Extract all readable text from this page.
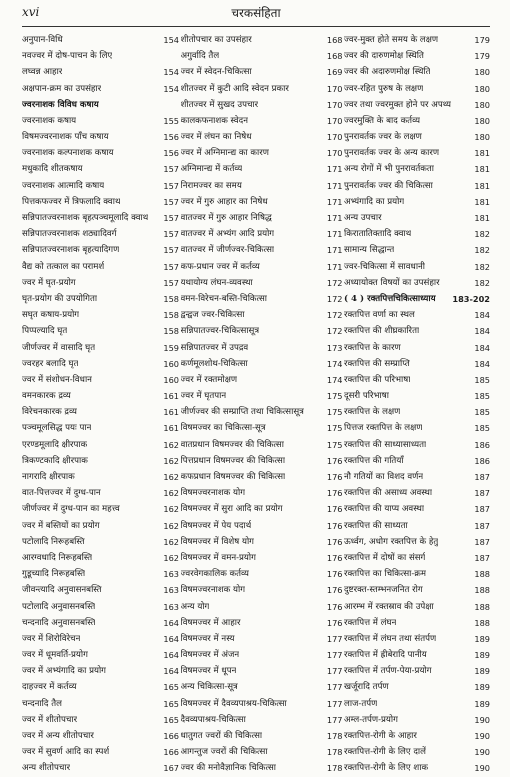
xvi	चरकसंहिता
अनुपान-विधि	154
नवज्वर में दोष-पाचन के लिए
लघ्वन्न आहार	154
अक्षपान-क्रम का उपसंहार	154
ज्वरनाशक विविध कषाय
ज्वरनाशक कषाय	155
विषमज्वरनाशक पाँच कषाय	156
ज्वरनाशक कल्पनाशक कषाय	156
मधुकादि शीतकषाय	157
ज्वरनाशक आत्मादि कषाय	157
पित्तकफज्वर में त्रिफलादि क्वाथ	157
सन्निपातज्वरनाशक बृहत्पञ्चमूलादि क्वाथ	157
सन्निपातज्वरनाशक शठ्यादिवर्ग	157
सन्निपातज्वरनाशक बृहत्यादिगण	157
वैद्य को तत्काल का परामर्श	157
ज्वर में घृत-प्रयोग	157
घृत-प्रयोग की उपयोगिता	158
सघृत कषाय-प्रयोग	158
पिप्पल्यादि घृत	158
जीर्णज्वर में वासादि घृत	159
ज्वरहर बलादि घृत	160
ज्वर में संशोधन-विधान	160
वमनकारक द्रव्य	161
विरेचनकारक द्रव्य	161
पञ्चमूलसिद्ध पयः पान	161
एरण्डमूलादि क्षीरपाक	162
त्रिकण्टकादि क्षीरपाक	162
नागरादि क्षीरपाक	162
वात-पित्तज्वर में दुग्ध-पान	162
जीर्णज्वर में दुग्ध-पान का महत्त्व	162
ज्वर में बस्तियों का प्रयोग	162
पटोलादि निरूहबस्ति	162
आरग्वधादि निरूहबस्ति	162
गुडूच्यादि निरूहबस्ति	163
जीवन्त्यादि अनुवासनबस्ति	163
पटोलादि अनुवासनबस्ति	163
चन्दनादि अनुवासनबस्ति	164
ज्वर में शिरोविरेचन	164
ज्वर में धूमवर्ति-प्रयोग	164
ज्वर में अभ्यंगादि का प्रयोग	164
दाहज्वर में कर्तव्य	165
चन्दनादि तैल	165
ज्वर में शीतोपचार	165
ज्वर में अन्य शीतोपचार	166
ज्वर में सुवर्ण आदि का स्पर्श	166
अन्य शीतोपचार	167
शीतोपचार का उपसंहार	168
अगुर्वादि तैल	168
ज्वर में स्वेदन-चिकित्सा	169
शीतज्वर में कुटी आदि स्वेदन प्रकार	170
शीतज्वर में सुखद उपचार	170
कालकफनाशक स्वेदन	170
ज्वर में लंघन का निषेध	170
ज्वर में अग्निमान्द्य का कारण	170
अग्निमान्द्य में कर्तव्य	171
निरामज्वर का समय	171
ज्वर में गुरु आहार का निषेध	171
वातज्वर में गुरु आहार निषिद्ध	171
वातज्वर में अभ्यंग आदि प्रयोग	171
वातज्वर में जीर्णज्वर-चिकित्सा	171
कफ-प्रधान ज्वर में कर्तव्य	171
यथायोग्य लंघन-व्यवस्था	172
वमन-विरेचन-बस्ति-चिकित्सा	172
द्वन्द्वज ज्वर-चिकित्सा	172
सन्निपातज्वर-चिकित्सासूत्र	172
सन्निपातज्वर में उपद्रव	173
कर्णमूलशोथ-चिकित्सा	174
ज्वर में रक्तमोक्षण	174
ज्वर में घृतपान	175
जीर्णज्वर की सम्प्राप्ति तथा चिकित्सासूत्र	175
विषमज्वर का चिकित्सा-सूत्र	175
वातप्रधान विषमज्वर की चिकित्सा	175
पित्तप्रधान विषमज्वर की चिकित्सा	176
कफप्रधान विषमज्वर की चिकित्सा	176
विषमज्वरनाशक योग	176
विषमज्वर में सुरा आदि का प्रयोग	176
विषमज्वर में पेय पदार्थ	176
विषमज्वर में विशेष योग	176
विषमज्वर में वमन-प्रयोग	176
ज्वरवेगकालिक कर्तव्य	176
विषमज्वरनाशक योग	176
अन्य योग	176
विषमज्वर में आहार	176
विषमज्वर में नस्य	177
विषमज्वर में अंजन	177
विषमज्वर में धूपन	177
अन्य चिकित्सा-सूत्र	177
विषमज्वर में दैवव्यपाश्रय-चिकित्सा	177
दैवव्यपाश्रय-चिकित्सा	177
धातुगत ज्वरों की चिकित्सा	178
आगन्तुज ज्वरों की चिकित्सा	178
ज्वर की मनोवैज्ञानिक चिकित्सा	178
ज्वर-मुक्त होते समय के लक्षण	179
ज्वर की दारुणमोक्ष स्थिति	179
ज्वर की अदारुणमोक्ष स्थिति	180
ज्वर-रहित पुरुष के लक्षण	180
ज्वर तथा ज्वरमुक्त होने पर अपथ्य	180
ज्वरमुक्ति के बाद कर्तव्य	180
पुनरावर्तक ज्वर के लक्षण	180
पुनरावर्तक ज्वर के अन्य कारण	181
अन्य रोगों में भी पुनरावर्तकता	181
पुनरावर्तक ज्वर की चिकित्सा	181
अभ्यंगादि का प्रयोग	181
अन्य उपचार	181
किरातातिक्तादि क्वाथ	182
सामान्य सिद्धान्त	182
ज्वर-चिकित्सा में सावधानी	182
अध्यायोक्त विषयों का उपसंहार	182
( 4 ) रक्तपित्तचिकित्साध्याय	183-202
रक्तपित्त वर्णा का स्थल	184
रक्तपित्त की शीघ्रकारिता	184
रक्तपित्त के कारण	184
रक्तपित्त की सम्प्राप्ति	184
रक्तपित्त की परिभाषा	185
दूसरी परिभाषा	185
रक्तपित्त के लक्षण	185
पित्तज रक्तपित्त के लक्षण	185
रक्तपित्त की साध्यासाध्यता	186
रक्तपित्त की गतियाँ	186
नौ गतियों का विशद वर्णन	187
रक्तपित्त की असाध्य अवस्था	187
रक्तपित्त की याप्य अवस्था	187
रक्तपित्त की साध्यता	187
ऊर्ध्वग, अधोग रक्तपित्त के हेतु	187
रक्तपित्त में दोषों का संसर्ग	187
रक्तपित्त का चिकित्सा-क्रम	188
दुष्टरक्त-स्तम्भनजनित रोग	188
आरम्भ में रक्तस्राव की उपेक्षा	188
रक्तपित्त में लंघन	188
रक्तपित्त में लंघन तथा संतर्पण	189
रक्तपित्त में ह्रीबेरादि पानीय	189
रक्तपित्त में तर्पण-पेया-प्रयोग	189
खर्जूरादि तर्पण	189
लाज-तर्पण	189
अम्ल-तर्पण-प्रयोग	190
रक्तपित्त-रोगी के आहार	190
रक्तपित्त-रोगी के लिए दालें	190
रक्तपित्त-रोगी के लिए शाक	190
